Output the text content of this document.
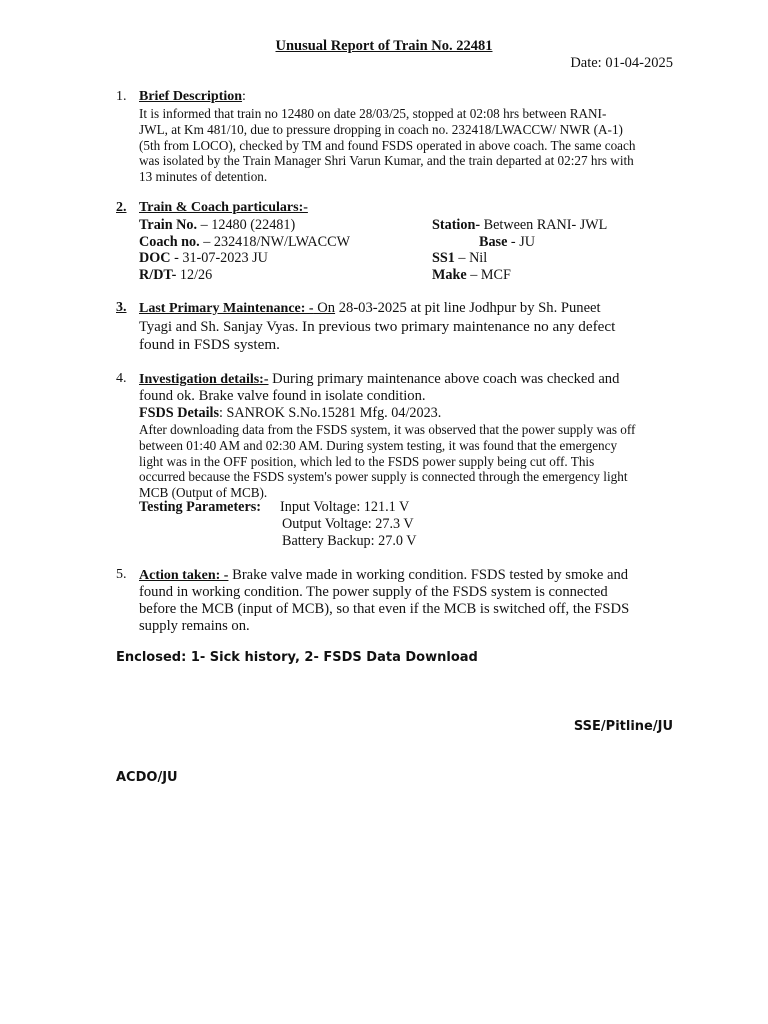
Unusual Report of Train No. 22481
Date: 01-04-2025
1. Brief Description:
It is informed that train no 12480 on date 28/03/25, stopped at 02:08 hrs between RANI-
JWL, at Km 481/10, due to pressure dropping in coach no. 232418/LWACCW/ NWR (A-1)
(5th from LOCO), checked by TM and found FSDS operated in above coach. The same coach
was isolated by the Train Manager Shri Varun Kumar, and the train departed at 02:27 hrs with
13 minutes of detention.
2. Train & Coach particulars:-
Train No. – 12480 (22481)	Station- Between RANI- JWL
Coach no. – 232418/NW/LWACCW	Base - JU
DOC - 31-07-2023 JU	SS1 – Nil
R/DT- 12/26	Make – MCF
3. Last Primary Maintenance: - On 28-03-2025 at pit line Jodhpur by Sh. Puneet
Tyagi and Sh. Sanjay Vyas. In previous two primary maintenance no any defect
found in FSDS system.
4. Investigation details:- During primary maintenance above coach was checked and
found ok. Brake valve found in isolate condition.
FSDS Details: SANROK S.No.15281 Mfg. 04/2023.
After downloading data from the FSDS system, it was observed that the power supply was off
between 01:40 AM and 02:30 AM. During system testing, it was found that the emergency
light was in the OFF position, which led to the FSDS power supply being cut off. This
occurred because the FSDS system's power supply is connected through the emergency light
MCB (Output of MCB).
Testing Parameters: Input Voltage: 121.1 V
Output Voltage: 27.3 V
Battery Backup: 27.0 V
5. Action taken: - Brake valve made in working condition. FSDS tested by smoke and
found in working condition. The power supply of the FSDS system is connected
before the MCB (input of MCB), so that even if the MCB is switched off, the FSDS
supply remains on.
Enclosed: 1- Sick history, 2- FSDS Data Download
SSE/Pitline/JU
ACDO/JU
